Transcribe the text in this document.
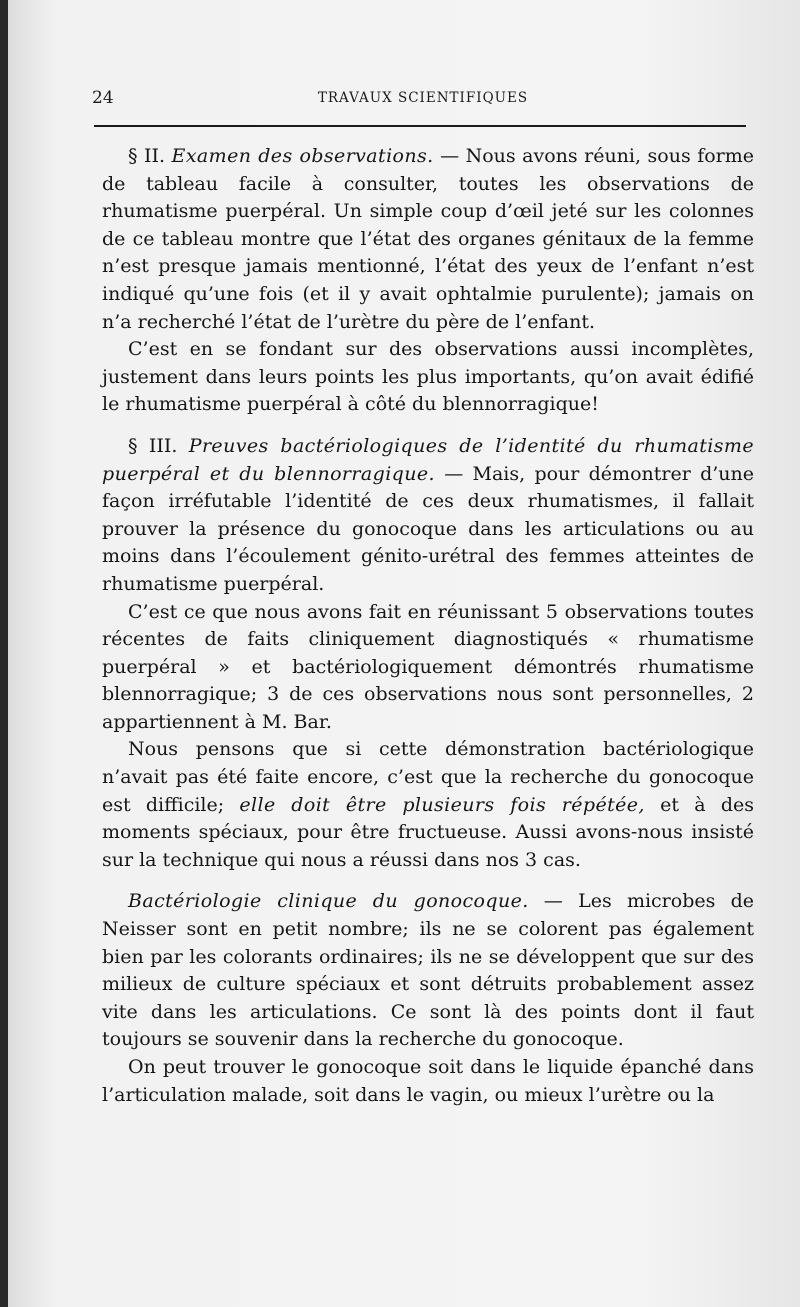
24	TRAVAUX SCIENTIFIQUES

§ II. Examen des observations. — Nous avons réuni, sous forme de tableau facile à consulter, toutes les observations de rhumatisme puerpéral. Un simple coup d’œil jeté sur les colonnes de ce tableau montre que l’état des organes génitaux de la femme n’est presque jamais mentionné, l’état des yeux de l’enfant n’est indiqué qu’une fois (et il y avait ophtalmie purulente); jamais on n’a recherché l’état de l’urètre du père de l’enfant.

C’est en se fondant sur des observations aussi incomplètes, justement dans leurs points les plus importants, qu’on avait édifié le rhumatisme puerpéral à côté du blennorragique!

§ III. Preuves bactériologiques de l’identité du rhumatisme puerpéral et du blennorragique. — Mais, pour démontrer d’une façon irréfutable l’identité de ces deux rhumatismes, il fallait prouver la présence du gonocoque dans les articulations ou au moins dans l’écoulement génito-urétral des femmes atteintes de rhumatisme puerpéral.

C’est ce que nous avons fait en réunissant 5 observations toutes récentes de faits cliniquement diagnostiqués « rhumatisme puerpéral » et bactériologiquement démontrés rhumatisme blennorragique; 3 de ces observations nous sont personnelles, 2 appartiennent à M. Bar.

Nous pensons que si cette démonstration bactériologique n’avait pas été faite encore, c’est que la recherche du gonocoque est difficile; elle doit être plusieurs fois répétée, et à des moments spéciaux, pour être fructueuse. Aussi avons-nous insisté sur la technique qui nous a réussi dans nos 3 cas.

Bactériologie clinique du gonocoque. — Les microbes de Neisser sont en petit nombre; ils ne se colorent pas également bien par les colorants ordinaires; ils ne se développent que sur des milieux de culture spéciaux et sont détruits probablement assez vite dans les articulations. Ce sont là des points dont il faut toujours se souvenir dans la recherche du gonocoque.

On peut trouver le gonocoque soit dans le liquide épanché dans l’articulation malade, soit dans le vagin, ou mieux l’urètre ou la
